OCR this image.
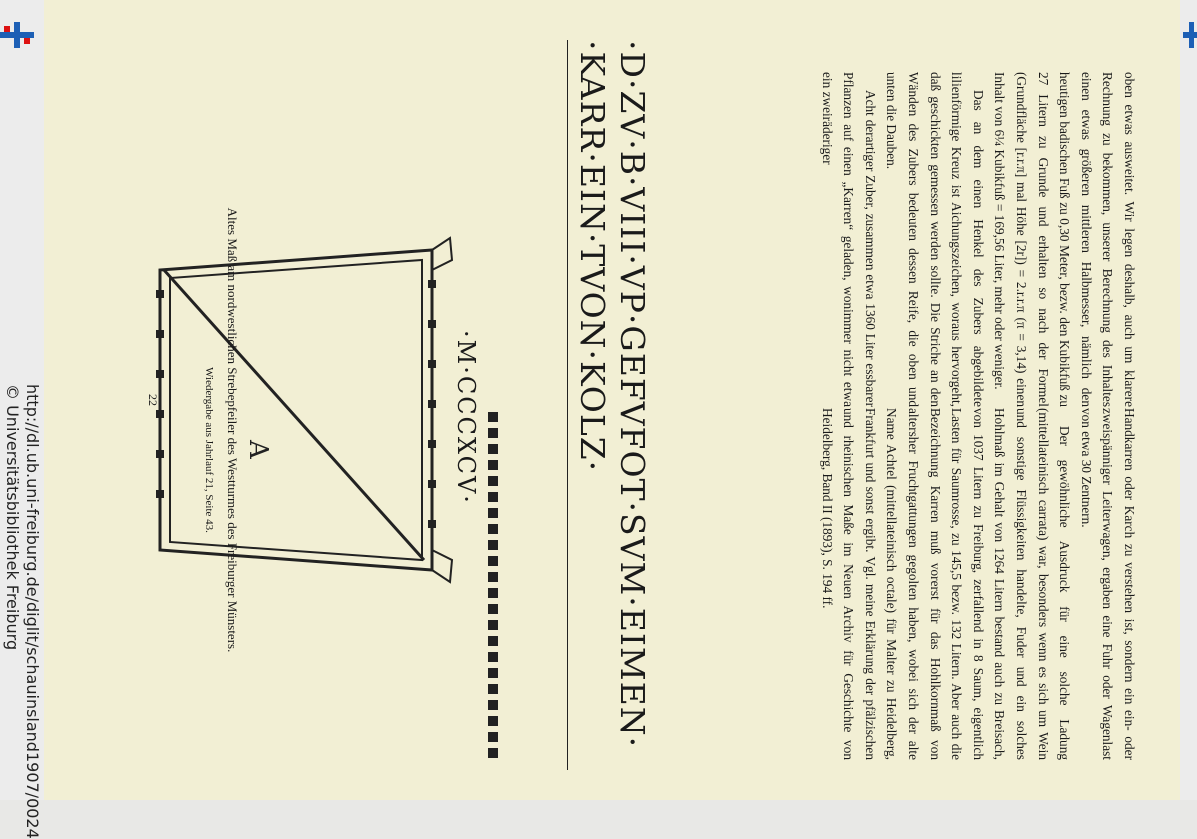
http://dl.ub.uni-freiburg.de/diglit/schauinsland1907/0024
© Universitätsbibliothek Freiburg

oben etwas ausweitet. Wir legen deshalb, auch um klarere Rechnung zu bekommen, unserer Berechnung des Inhaltes einen etwas größeren mittleren Halbmesser, nämlich den heutigen badischen Fuß zu 0,30 Meter, bezw. den Kubikfuß zu 27 Litern zu Grunde und erhalten so nach der Formel (Grundfläche [r.r.π] mal Höhe [2r]) = 2.r.r.π (π = 3,14) einen Inhalt von 6¼ Kubikfuß = 169,56 Liter, mehr oder weniger.

Das an dem einen Henkel des Zubers abgebildete lilienförmige Kreuz ist Aichungszeichen, woraus hervorgeht, daß geschickten gemessen werden sollte. Die Striche an den Wänden des Zubers bedeuten dessen Reife, die oben und unten die Dauben.

Acht derartiger Zuber, zusammen etwa 1360 Liter essbarer Pflanzen auf einen „Karren“ geladen, wonimmer nicht etwa ein zweiräderiger

Handkarren oder Karch zu verstehen ist, sondern ein ein- oder zweispänniger Leiterwagen, ergaben eine Fuhr oder Wagenlast von etwa 30 Zentnern.

Der gewöhnliche Ausdruck für eine solche Ladung (mittellateinisch carrata) war, besonders wenn es sich um Wein und sonstige Flüssigkeiten handelte, Fuder und ein solches Hohlmaß im Gehalt von 1264 Litern bestand auch zu Breisach, von 1037 Litern zu Freiburg, zerfallend in 8 Saum, eigentlich Lasten für Saumrosse, zu 145,5 bezw. 132 Litern. Aber auch die Bezeichnung Karren muß vorerst für das Hohlkornmaß von altersher Fruchtgattungen gegolten haben, wobei sich der alte Name Achtel (mittellateinisch octale) für Malter zu Heidelberg, Frankfurt und sonst ergibt. Vgl. meine Erklärung der pfälzischen und rheinischen Maße im Neuen Archiv für Geschichte von Heidelberg, Band II (1893), S. 194 ff.

·M·CCCXCV·	·D·ZV·B·VIII·VP·GEFVFOT·SVM·EIMEN·
·KARR·EIN·TVON·KOLZ·
A
Altes Maß am nordwestlichen Strebepfeiler des Westturmes des Freiburger Münsters.
Wiedergabe aus Jahrlauf 21, Seite 43.
22
